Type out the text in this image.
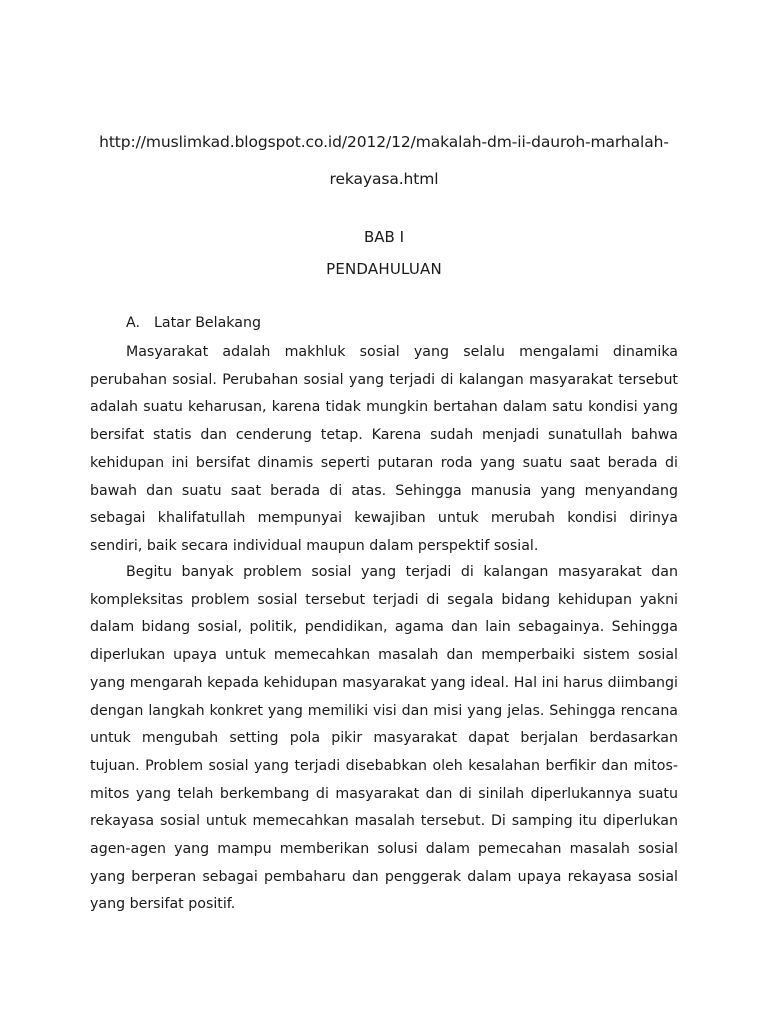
http://muslimkad.blogspot.co.id/2012/12/makalah-dm-ii-dauroh-marhalah-rekayasa.html
BAB I
PENDAHULUAN
A. Latar Belakang

Masyarakat adalah makhluk sosial yang selalu mengalami dinamika perubahan sosial. Perubahan sosial yang terjadi di kalangan masyarakat tersebut adalah suatu keharusan, karena tidak mungkin bertahan dalam satu kondisi yang bersifat statis dan cenderung tetap. Karena sudah menjadi sunatullah bahwa kehidupan ini bersifat dinamis seperti putaran roda yang suatu saat berada di bawah dan suatu saat berada di atas. Sehingga manusia yang menyandang sebagai khalifatullah mempunyai kewajiban untuk merubah kondisi dirinya sendiri, baik secara individual maupun dalam perspektif sosial.

Begitu banyak problem sosial yang terjadi di kalangan masyarakat dan kompleksitas problem sosial tersebut terjadi di segala bidang kehidupan yakni dalam bidang sosial, politik, pendidikan, agama dan lain sebagainya. Sehingga diperlukan upaya untuk memecahkan masalah dan memperbaiki sistem sosial yang mengarah kepada kehidupan masyarakat yang ideal. Hal ini harus diimbangi dengan langkah konkret yang memiliki visi dan misi yang jelas. Sehingga rencana untuk mengubah setting pola pikir masyarakat dapat berjalan berdasarkan tujuan. Problem sosial yang terjadi disebabkan oleh kesalahan berfikir dan mitos-mitos yang telah berkembang di masyarakat dan di sinilah diperlukannya suatu rekayasa sosial untuk memecahkan masalah tersebut. Di samping itu diperlukan agen-agen yang mampu memberikan solusi dalam pemecahan masalah sosial yang berperan sebagai pembaharu dan penggerak dalam upaya rekayasa sosial yang bersifat positif.
